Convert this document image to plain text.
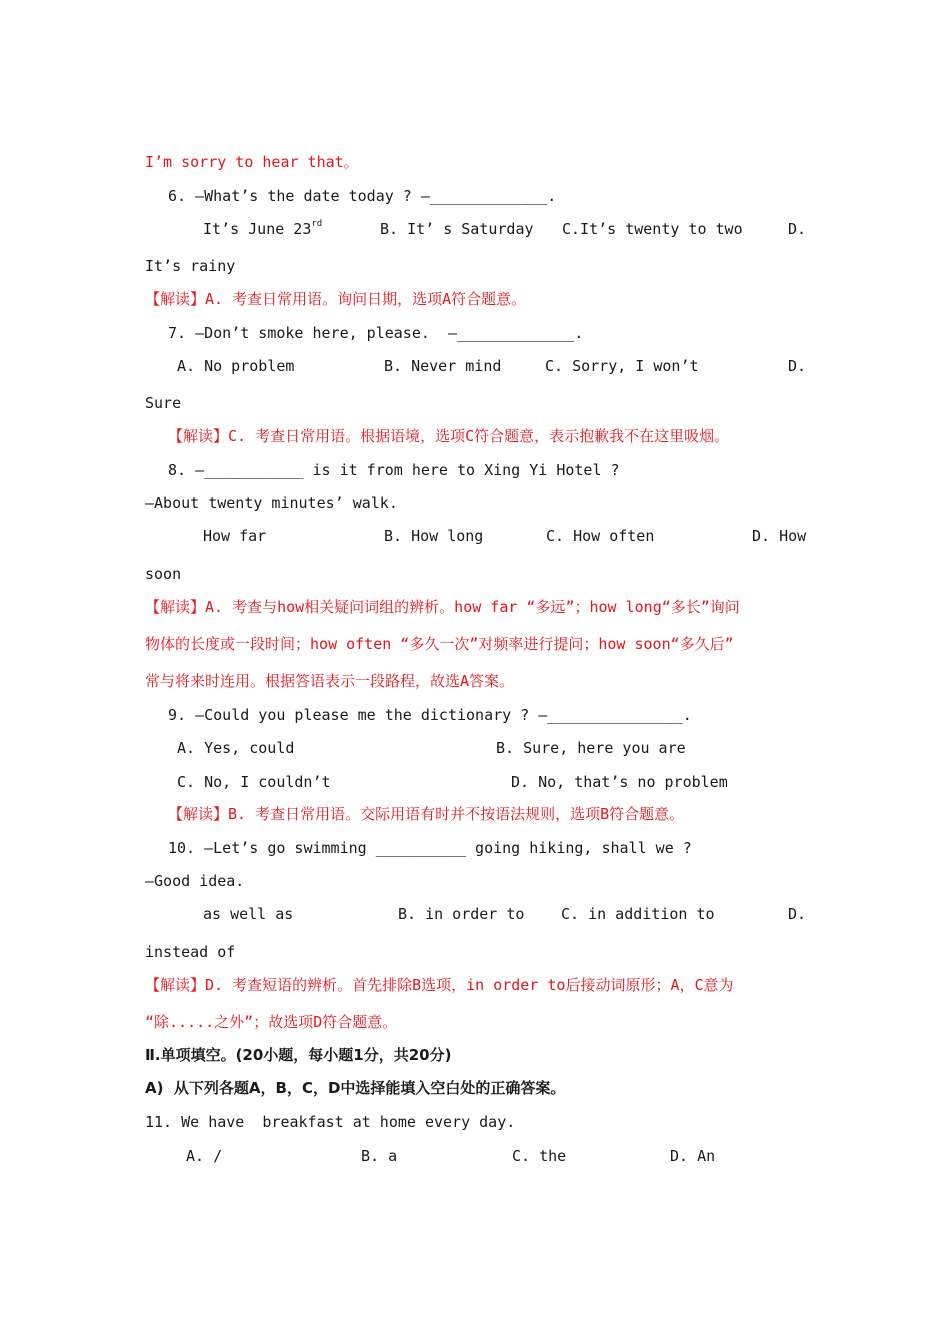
I’m sorry to hear that。
6. —What’s the date today ? —_____________.
It’s June 23rd	B. It’ s Saturday C.It’s twenty to two	D.
It’s rainy
【解读】A. 考查日常用语。询问日期，选项A符合题意。
7. —Don’t smoke here, please.  —_____________.
A. No problem	B. Never mind	C. Sorry, I won’t	D.
Sure
【解读】C. 考查日常用语。根据语境，选项C符合题意，表示抱歉我不在这里吸烟。
8. —___________ is it from here to Xing Yi Hotel ?
—About twenty minutes’ walk.
How far	B. How long	C. How often	D. How
soon
【解读】A. 考查与how相关疑问词组的辨析。how far “多远”；how long“多长”询问
物体的长度或一段时间；how often “多久一次”对频率进行提问；how soon“多久后”
常与将来时连用。根据答语表示一段路程，故选A答案。
9. —Could you please me the dictionary ? —_______________.
A. Yes, could	B. Sure, here you are
C. No, I couldn’t	D. No, that’s no problem
【解读】B. 考查日常用语。交际用语有时并不按语法规则，选项B符合题意。
10. —Let’s go swimming __________ going hiking, shall we ?
—Good idea.
as well as	B. in order to C. in addition to	D.
instead of
【解读】D. 考查短语的辨析。首先排除B选项，in order to后接动词原形；A，C意为
“除.....之外”；故选项D符合题意。
Ⅱ.单项填空。(20小题，每小题1分，共20分)
A)  从下列各题A，B，C，D中选择能填入空白处的正确答案。
11. We have  breakfast at home every day.
A. /	B. a	C. the	D. An
